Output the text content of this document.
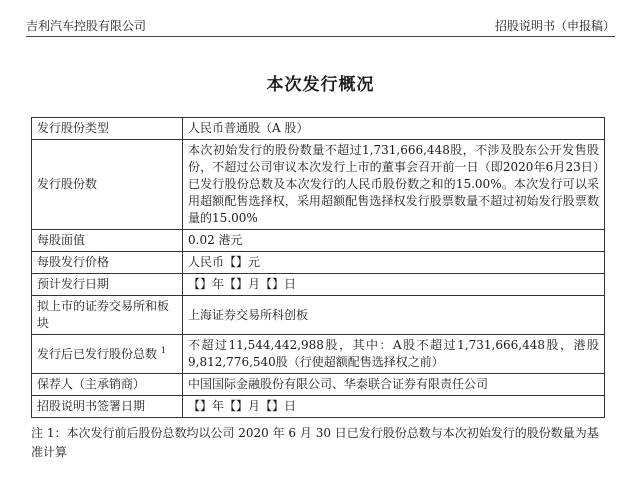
吉利汽车控股有限公司	招股说明书（申报稿）
本次发行概况
发行股份类型	人民币普通股（A 股）
发行股份数	本次初始发行的股份数量不超过1,731,666,448股，不涉及股东公开发售股份，不超过公司审议本次发行上市的董事会召开前一日（即2020年6月23日）已发行股份总数及本次发行的人民币股份数之和的15.00%。本次发行可以采用超额配售选择权，采用超额配售选择权发行股票数量不超过初始发行股票数量的15.00%
每股面值	0.02 港元
每股发行价格	人民币【】元
预计发行日期	【】年【】月【】日
拟上市的证券交易所和板块	上海证券交易所科创板
发行后已发行股份总数 $^1$	不超过11,544,442,988股，其中：A股不超过1,731,666,448股，港股9,812,776,540股（行使超额配售选择权之前）
保荐人（主承销商）	中国国际金融股份有限公司、华泰联合证券有限责任公司
招股说明书签署日期	【】年【】月【】日
注 1：本次发行前后股份总数均以公司 2020 年 6 月 30 日已发行股份总数与本次初始发行的股份数量为基准计算
